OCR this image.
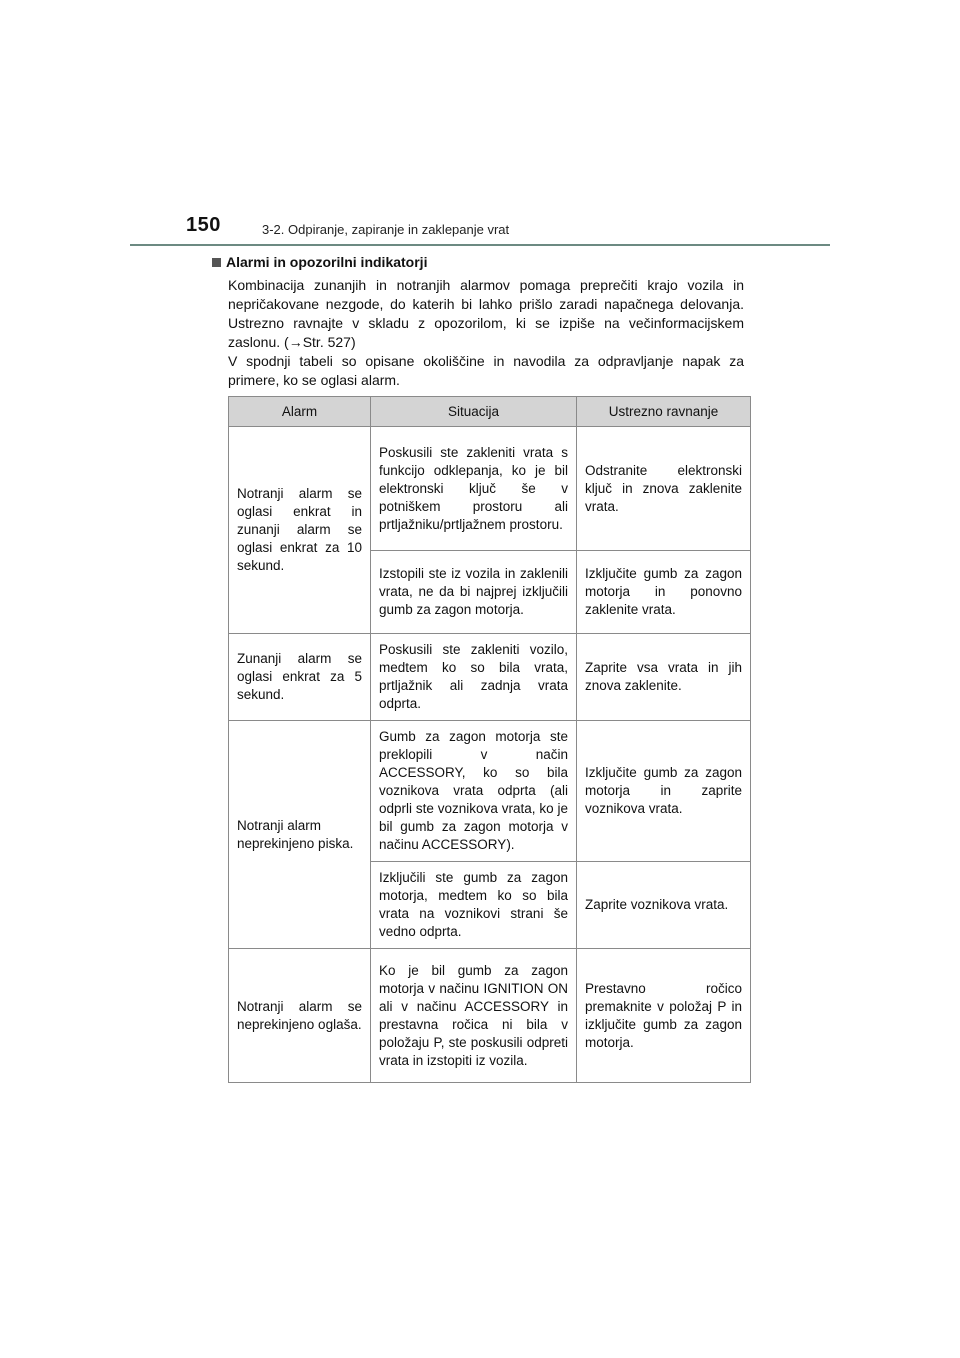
150	3-2. Odpiranje, zapiranje in zaklepanje vrat
Alarmi in opozorilni indikatorji
Kombinacija zunanjih in notranjih alarmov pomaga preprečiti krajo vozila in nepričakovane nezgode, do katerih bi lahko prišlo zaradi napačnega delovanja. Ustrezno ravnajte v skladu z opozorilom, ki se izpiše na večinformacijskem zaslonu. (→Str. 527)
V spodnji tabeli so opisane okoliščine in navodila za odpravljanje napak za primere, ko se oglasi alarm.
Alarm	Situacija	Ustrezno ravnanje
Notranji alarm se oglasi enkrat in zunanji alarm se oglasi enkrat za 10 sekund.	Poskusili ste zakleniti vrata s funkcijo odklepanja, ko je bil elektronski ključ še v potniškem prostoru ali prtljažniku/prtljažnem prostoru.	Odstranite elektronski ključ in znova zaklenite vrata.
	Izstopili ste iz vozila in zaklenili vrata, ne da bi najprej izključili gumb za zagon motorja.	Izključite gumb za zagon motorja in ponovno zaklenite vrata.
Zunanji alarm se oglasi enkrat za 5 sekund.	Poskusili ste zakleniti vozilo, medtem ko so bila vrata, prtljažnik ali zadnja vrata odprta.	Zaprite vsa vrata in jih znova zaklenite.
Notranji alarm neprekinjeno piska.	Gumb za zagon motorja ste preklopili v način ACCESSORY, ko so bila voznikova vrata odprta (ali odprli ste voznikova vrata, ko je bil gumb za zagon motorja v načinu ACCESSORY).	Izključite gumb za zagon motorja in zaprite voznikova vrata.
	Izključili ste gumb za zagon motorja, medtem ko so bila vrata na voznikovi strani še vedno odprta.	Zaprite voznikova vrata.
Notranji alarm se neprekinjeno oglaša.	Ko je bil gumb za zagon motorja v načinu IGNITION ON ali v načinu ACCESSORY in prestavna ročica ni bila v položaju P, ste poskusili odpreti vrata in izstopiti iz vozila.	Prestavno ročico premaknite v položaj P in izključite gumb za zagon motorja.
